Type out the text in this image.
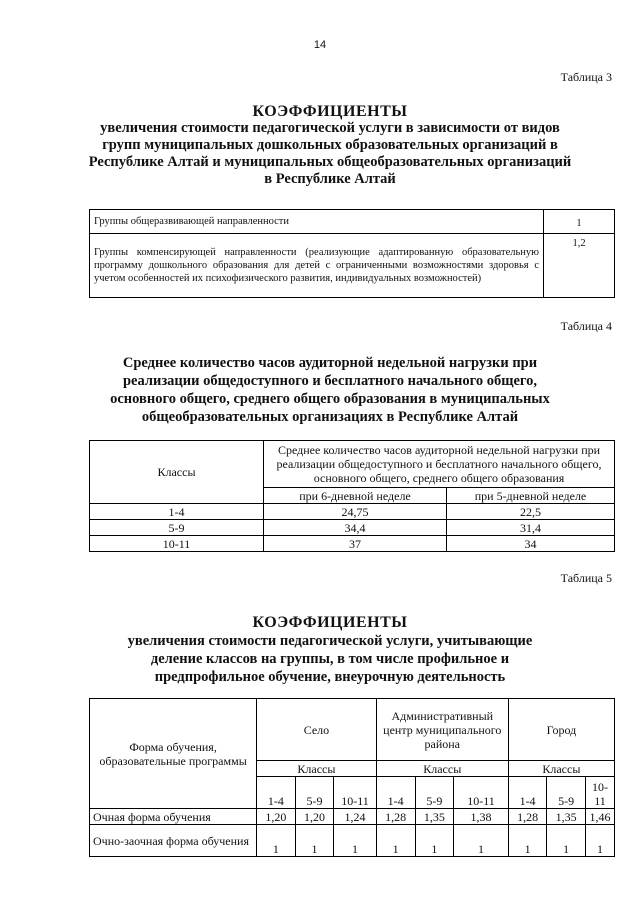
14
Таблица 3
КОЭФФИЦИЕНТЫ
увеличения стоимости педагогической услуги в зависимости от видов
групп муниципальных дошкольных образовательных организаций в
Республике Алтай и муниципальных общеобразовательных организаций
в Республике Алтай
Группы общеразвивающей направленности	1
Группы компенсирующей направленности (реализующие адаптированную образовательную программу дошкольного образования для детей с ограниченными возможностями здоровья с учетом особенностей их психофизического развития, индивидуальных возможностей)	1,2
Таблица 4
Среднее количество часов аудиторной недельной нагрузки при
реализации общедоступного и бесплатного начального общего,
основного общего, среднего общего образования в муниципальных
общеобразовательных организациях в Республике Алтай
Классы	Среднее количество часов аудиторной недельной нагрузки при реализации общедоступного и бесплатного начального общего, основного общего, среднего общего образования	
	при 6-дневной неделе	при 5-дневной неделе
1-4	24,75	22,5
5-9	34,4	31,4
10-11	37	34
Таблица 5
КОЭФФИЦИЕНТЫ
увеличения стоимости педагогической услуги, учитывающие
деление классов на группы, в том числе профильное и
предпрофильное обучение, внеурочную деятельность
Форма обучения, образовательные программы	Село			Административный центр муниципального района			Город		
	Классы			Классы			Классы		
	1-4	5-9	10-11	1-4	5-9	10-11	1-4	5-9	10-11
Очная форма обучения	1,20	1,20	1,24	1,28	1,35	1,38	1,28	1,35	1,46
Очно-заочная форма обучения	1	1	1	1	1	1	1	1	1
